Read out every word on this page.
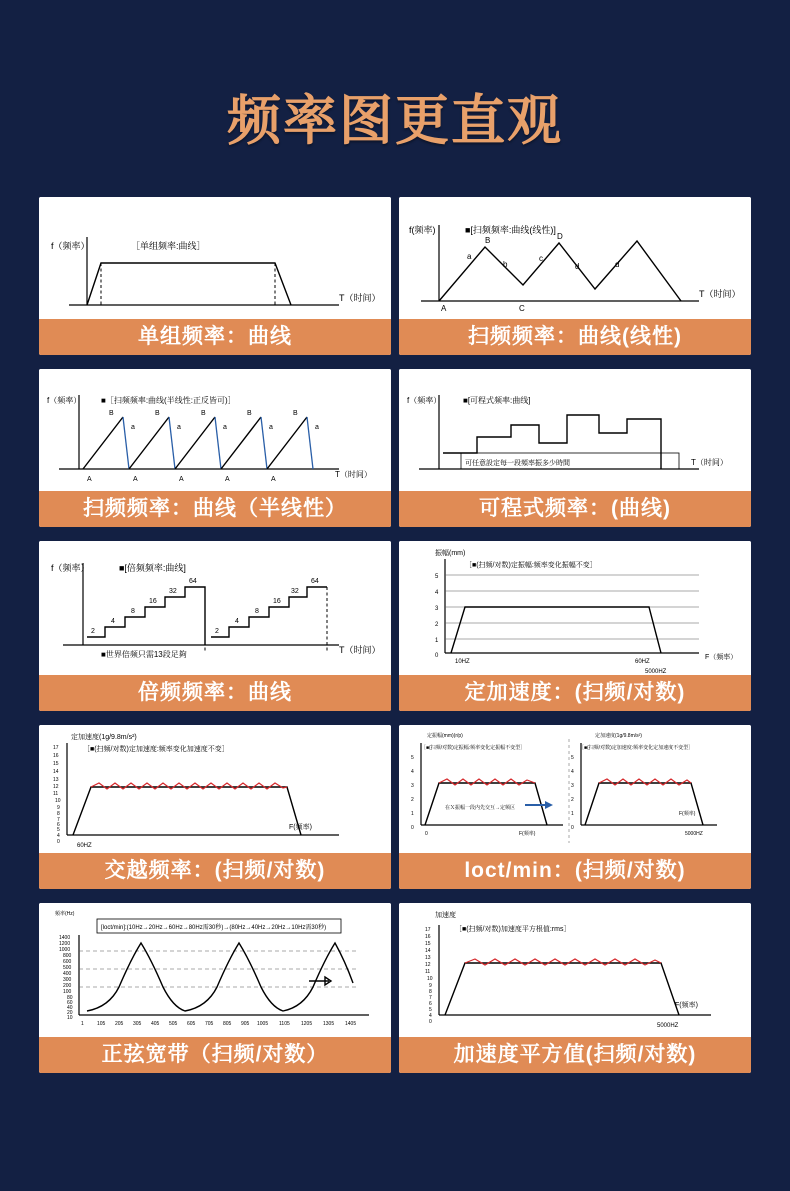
频率图更直观
f（频率）	［单组频率:曲线］
T（时间）
单组频率：曲线
f(频率)	■[扫频频率:曲线(线性)]
a
B
b
c
D
d	d
A	C
T（时间）
扫频频率：曲线(线性)
f（频率） ■［扫频频率:曲线(半线性:正反皆可)］
B
a
B
a
B
a
B
a
B
a
A	A	A	A	A
T（时间）
扫频频率：曲线（半线性）
f（频率）	■[可程式频率:曲线]
可任意設定每一段頻率振多少時間	T（时间）
可程式频率：(曲线)
f（频率）	■[倍频频率:曲线]
2
4
8
16
32
64
2
4
8
16
32
64
■世界倍频只需13段足夠	T（时间）
倍频频率：曲线
振幅(mm)
［■(扫频/对数)定振幅:频率变化振幅不变］
5
4
3
2
1
0
10HZ	60HZ
5000HZ
F（频率）
定加速度：(扫频/对数)
定加速度(1g/9.8m/s²)
［■(扫频/对数)定加速度:频率变化加速度不变］
17
16
15
14
13
12
11
10
9
8
7
6
5
4
0
60HZ
F(频率)
交越频率：(扫频/对数)
定振幅(mm)(r/p)
［■(扫频/对数)定振幅:频率变化定振幅不变型］
5
4
3
2
1
0
0	F(频率)
在Ｘ振幅一段内先交互→定频区
定加速度(1g/9.8m/s²)
［■(扫频/对数)定加速度:频率变化定加速度不变型］
5
4
3
2
1
0
5000HZ
F(频率)
loct/min：(扫频/对数)
頻率(Hz)
[loct/min]:(10Hz→20Hz→60Hz→80Hz需30秒)→(80Hz→40Hz→20Hz→10Hz需30秒)
1400
1200
1000
800
600
500
400
300
200
100
80
60
40
20
10
1	105 205 305 405 505 605 705 805 905 1005 1105 1205 1305 1405
正弦宽带（扫频/对数）
加速度
［■(扫频/对数)加速度平方根值:rms］
17
16
15
14
13
12
11
10
9
8
7
6
5
4
0
5000HZ
F(频率)
加速度平方值(扫频/对数)
